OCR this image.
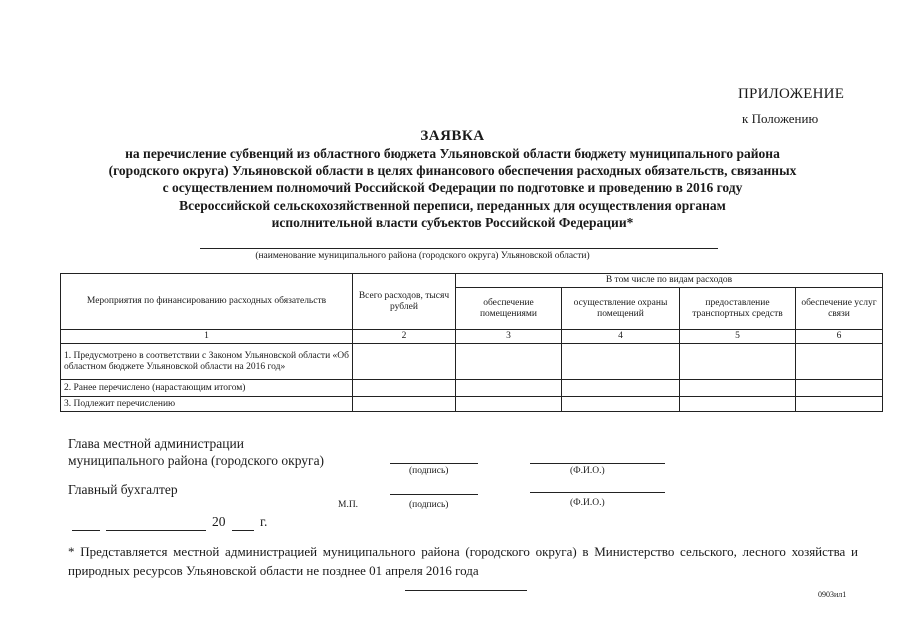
ПРИЛОЖЕНИЕ
к Положению
ЗАЯВКА
на перечисление субвенций из областного бюджета Ульяновской области бюджету муниципального района
(городского округа) Ульяновской области в целях финансового обеспечения расходных обязательств, связанных
с осуществлением полномочий Российской Федерации по подготовке и проведению в 2016 году
Всероссийской сельскохозяйственной переписи, переданных для осуществления органам
исполнительной власти субъектов Российской Федерации*
(наименование муниципального района (городского округа) Ульяновской области)
Мероприятия по финансированию расходных обязательств	Всего расходов, тысяч рублей	В том числе по видам расходов			
		обеспечение помещениями	осуществление охраны помещений	предоставление транспортных средств	обеспечение услуг связи
1	2	3	4	5	6
1. Предусмотрено в соответствии с Законом Ульяновской области «Об областном бюджете Ульяновской области на 2016 год»					
2. Ранее перечислено (нарастающим итогом)					
3. Подлежит перечислению					
Глава местной администрации
муниципального района (городского округа)
(подпись)	(Ф.И.О.)
Главный бухгалтер
М.П.	(подпись)	(Ф.И.О.)
20	г.
* Представляется местной администрацией муниципального района (городского округа) в Министерство сельского, лесного хозяйства и природных ресурсов Ульяновской области не позднее 01 апреля 2016 года
0903ил1
